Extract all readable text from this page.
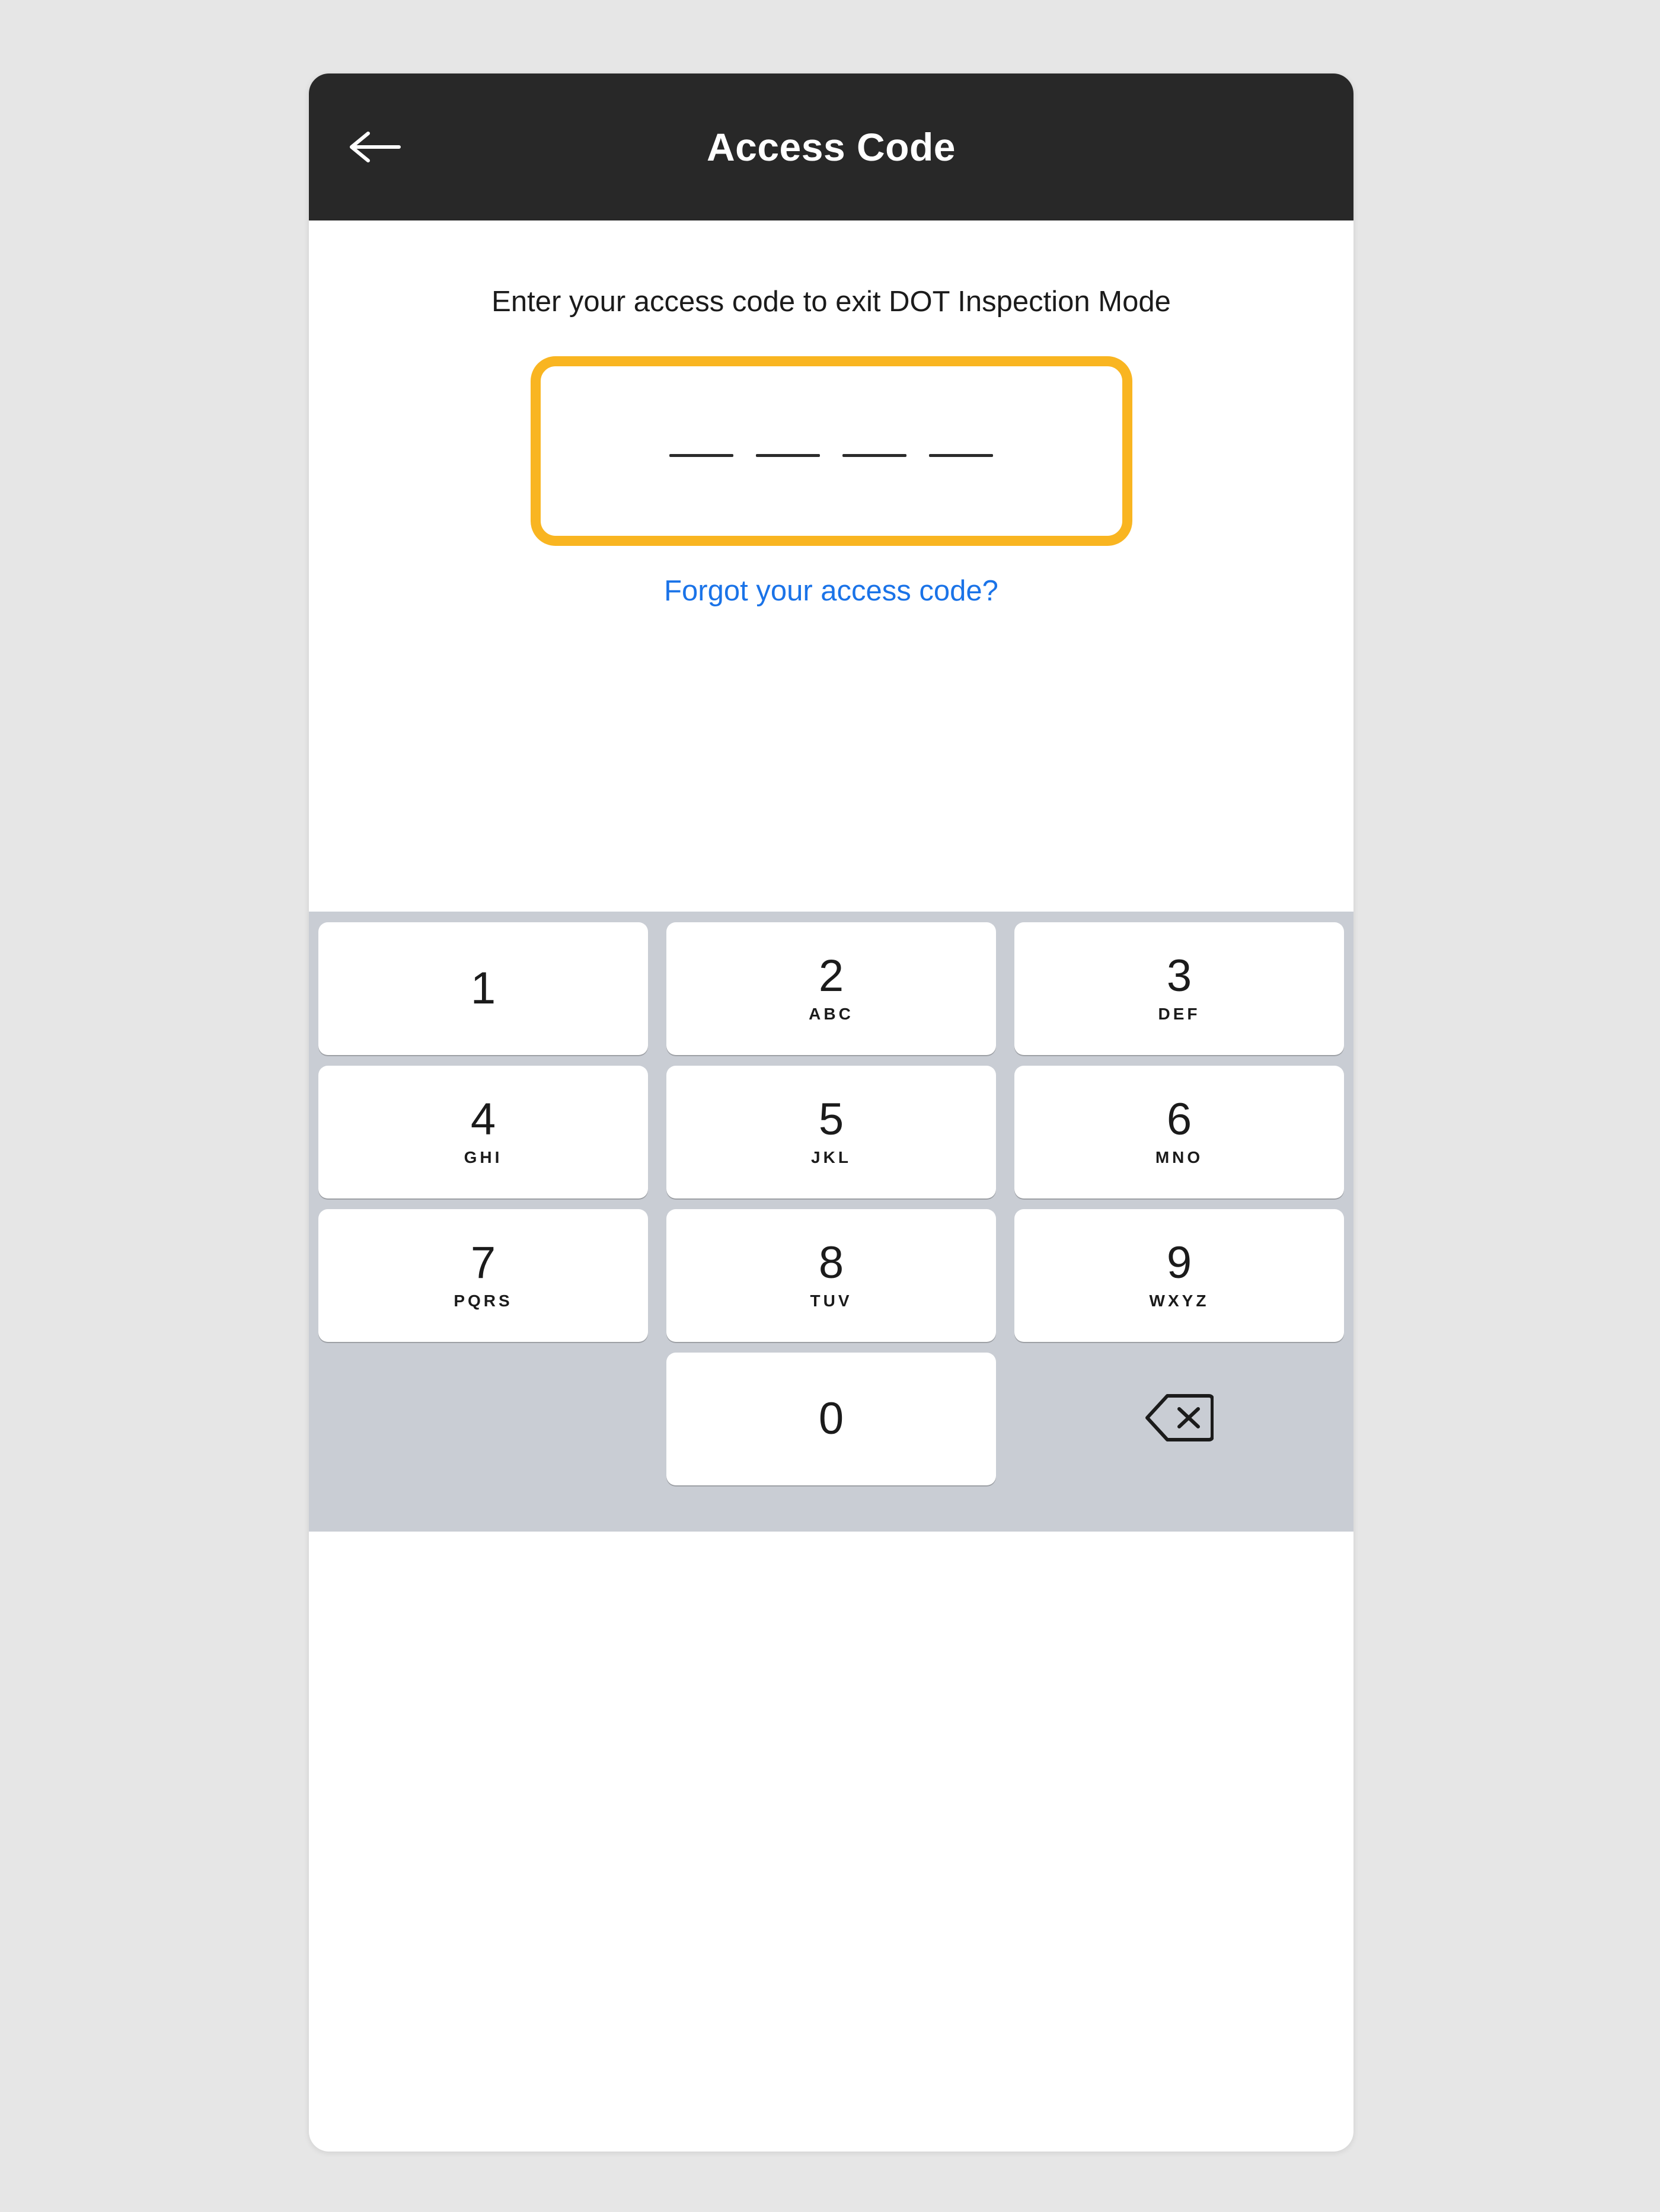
Access Code

Enter your access code to exit DOT Inspection Mode

Forgot your access code?
1	2
ABC
3
DEF
4
GHI
5
JKL
6
MNO
7
PQRS
8
TUV
9
WXYZ
0
